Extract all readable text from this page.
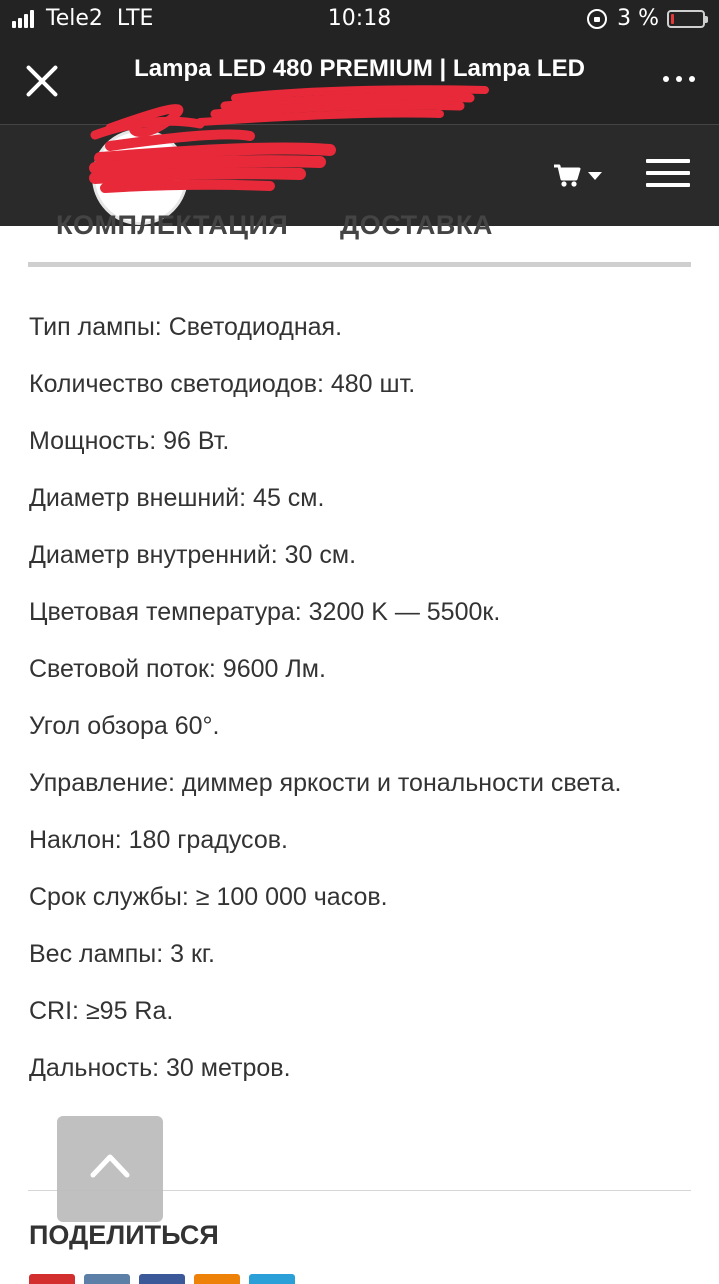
Tele2
LTE	10:18	3 %
Lampa LED 480 PREMIUM | Lampa LED
КОМПЛЕКТАЦИЯ ДОСТАВКА
Тип лампы: Светодиодная.
Количество светодиодов: 480 шт.
Мощность: 96 Вт.
Диаметр внешний: 45 см.
Диаметр внутренний: 30 см.
Цветовая температура: 3200 K — 5500к.
Световой поток: 9600 Лм.
Угол обзора 60°.
Управление: диммер яркости и тональности света.
Наклон: 180 градусов.
Срок службы: ≥ 100 000 часов.
Вес лампы: 3 кг.
CRI: ≥95 Ra.
Дальность: 30 метров.
ПОДЕЛИТЬСЯ
